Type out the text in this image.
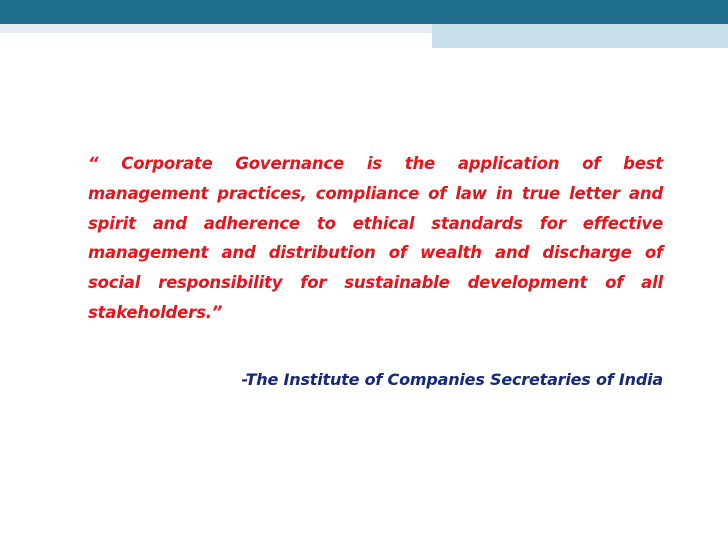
“ Corporate Governance is the application of best management practices, compliance of law in true letter and spirit and adherence to ethical standards for effective management and distribution of wealth and discharge of social responsibility for sustainable development of all stakeholders.”

-The Institute of Companies Secretaries of India
